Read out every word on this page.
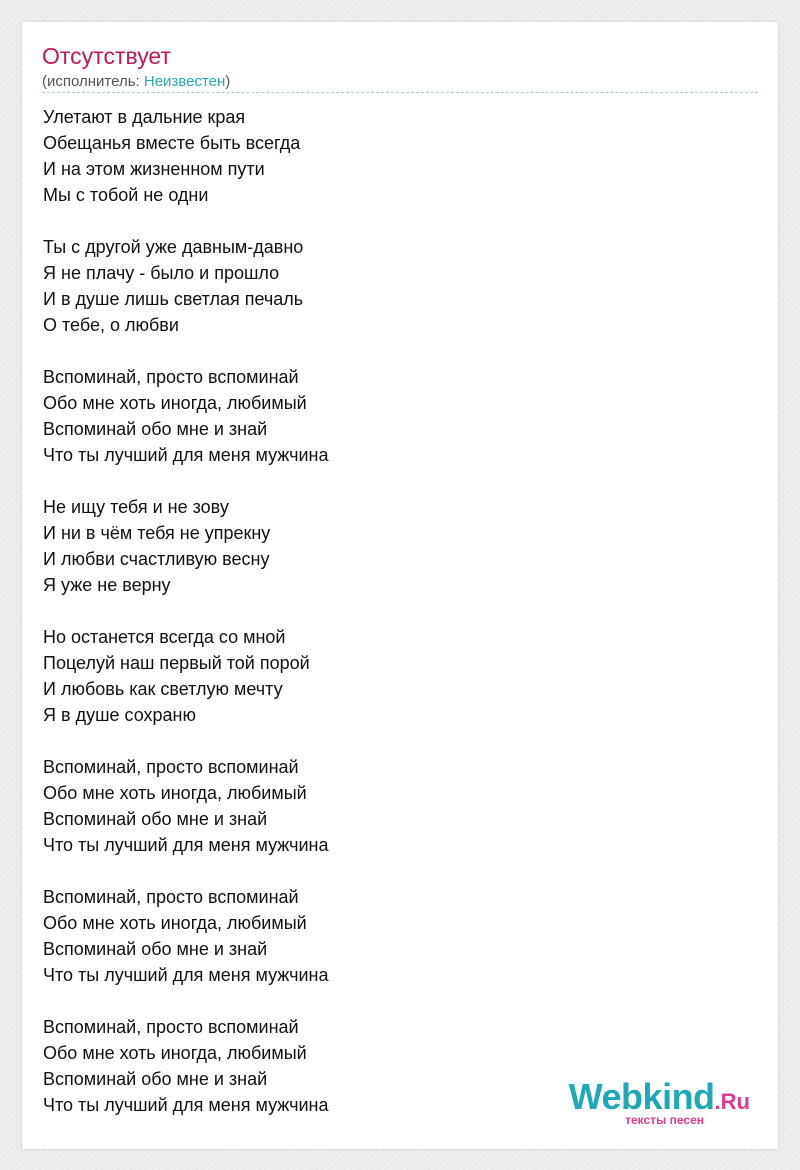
Отсутствует
(исполнитель: Неизвестен)
Улетают в дальние края
Обещанья вместе быть всегда
И на этом жизненном пути
Мы с тобой не одни
Ты с другой уже давным-давно
Я не плачу - было и прошло
И в душе лишь светлая печаль
О тебе, о любви
Вспоминай, просто вспоминай
Обо мне хоть иногда, любимый
Вспоминай обо мне и знай
Что ты лучший для меня мужчина
Не ищу тебя и не зову
И ни в чём тебя не упрекну
И любви счастливую весну
Я уже не верну
Но останется всегда со мной
Поцелуй наш первый той порой
И любовь как светлую мечту
Я в душе сохраню
Вспоминай, просто вспоминай
Обо мне хоть иногда, любимый
Вспоминай обо мне и знай
Что ты лучший для меня мужчина
Вспоминай, просто вспоминай
Обо мне хоть иногда, любимый
Вспоминай обо мне и знай
Что ты лучший для меня мужчина
Вспоминай, просто вспоминай
Обо мне хоть иногда, любимый
Вспоминай обо мне и знай
Что ты лучший для меня мужчина	Webkind.Ru
тексты песен
